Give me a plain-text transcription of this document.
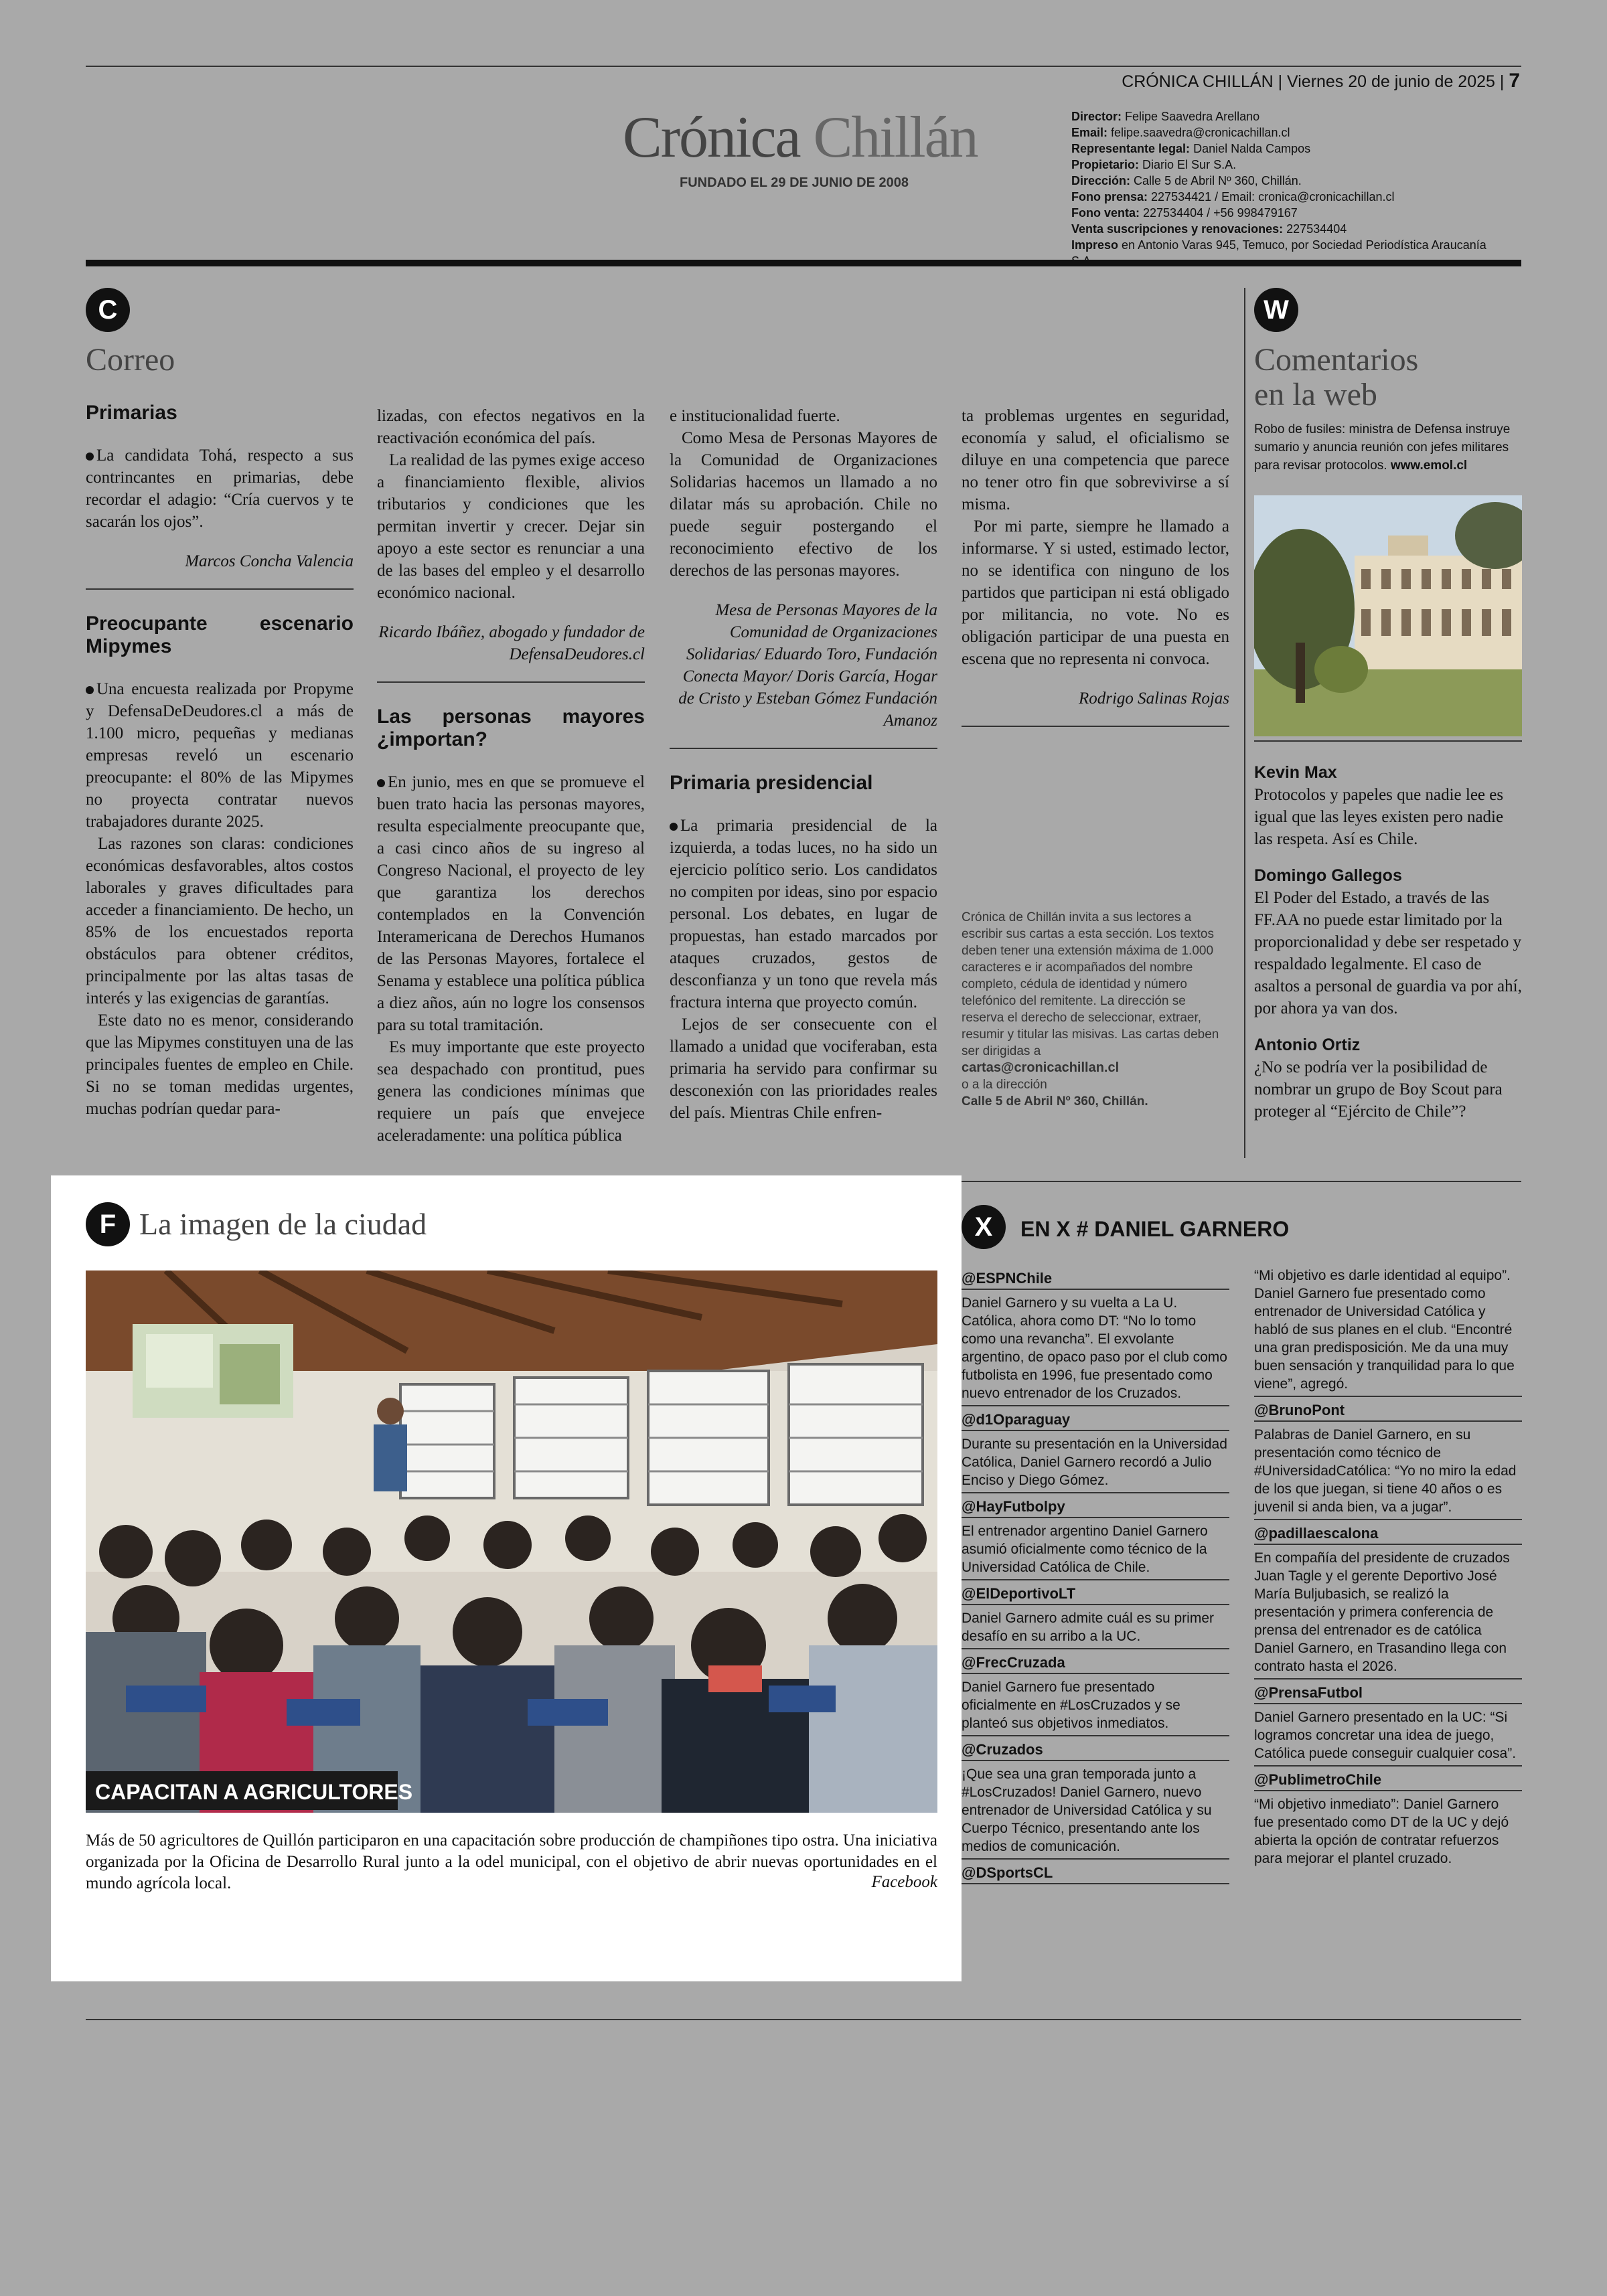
CRÓNICA CHILLÁN | Viernes 20 de junio de 2025 | 7
Crónica Chillán
FUNDADO EL 29 DE JUNIO DE 2008
Director: Felipe Saavedra Arellano
Email: felipe.saavedra@cronicachillan.cl
Representante legal: Daniel Nalda Campos
Propietario: Diario El Sur S.A.
Dirección: Calle 5 de Abril Nº 360, Chillán.
Fono prensa: 227534421 / Email: cronica@cronicachillan.cl
Fono venta: 227534404 / +56 998479167
Venta suscripciones y renovaciones: 227534404
Impreso en Antonio Varas 945, Temuco, por Sociedad Periodística Araucanía
C
Correo
Primarias

La candidata Tohá, respecto a sus contrincantes en primarias, debe recordar el adagio: “Cría cuervos y te sacarán los ojos”.

Marcos Concha Valencia
Preocupante escenario Mipymes

Una encuesta realizada por Propyme y DefensaDeDeudores.cl a más de 1.100 micro, pequeñas y medianas empresas reveló un escenario preocupante: el 80% de las Mipymes no proyecta contratar nuevos trabajadores durante 2025.

Las razones son claras: condiciones económicas desfavorables, altos costos laborales y graves dificultades para acceder a financiamiento. De hecho, un 85% de los encuestados reporta obstáculos para obtener créditos, principalmente por las altas tasas de interés y las exigencias de garantías.

Este dato no es menor, considerando que las Mipymes constituyen una de las principales fuentes de empleo en Chile. Si no se toman medidas urgentes, muchas podrían quedar para-

lizadas, con efectos negativos en la reactivación económica del país.

La realidad de las pymes exige acceso a financiamiento flexible, alivios tributarios y condiciones que les permitan invertir y crecer. Dejar sin apoyo a este sector es renunciar a una de las bases del empleo y el desarrollo económico nacional.

Ricardo Ibáñez, abogado y fundador de DefensaDeudores.cl
Las personas mayores ¿importan?

En junio, mes en que se promueve el buen trato hacia las personas mayores, resulta especialmente preocupante que, a casi cinco años de su ingreso al Congreso Nacional, el proyecto de ley que garantiza los derechos contemplados en la Convención Interamericana de Derechos Humanos de las Personas Mayores, fortalece el Senama y establece una política pública a diez años, aún no logre los consensos para su total tramitación.

Es muy importante que este proyecto sea despachado con prontitud, pues genera las condiciones mínimas que requiere un país que envejece aceleradamente: una política pública

e institucionalidad fuerte.

Como Mesa de Personas Mayores de la Comunidad de Organizaciones Solidarias hacemos un llamado a no dilatar más su aprobación. Chile no puede seguir postergando el reconocimiento efectivo de los derechos de las personas mayores.

Mesa de Personas Mayores de la Comunidad de Organizaciones Solidarias/ Eduardo Toro, Fundación Conecta Mayor/ Doris García, Hogar de Cristo y Esteban Gómez Fundación Amanoz
Primaria presidencial

La primaria presidencial de la izquierda, a todas luces, no ha sido un ejercicio político serio. Los candidatos no compiten por ideas, sino por espacio personal. Los debates, en lugar de propuestas, han estado marcados por ataques cruzados, gestos de desconfianza y un tono que revela más fractura interna que proyecto común.

Lejos de ser consecuente con el llamado a unidad que vociferaban, esta primaria ha servido para confirmar su desconexión con las prioridades reales del país. Mientras Chile enfren-

ta problemas urgentes en seguridad, economía y salud, el oficialismo se diluye en una competencia que parece no tener otro fin que sobrevivirse a sí misma.

Por mi parte, siempre he llamado a informarse. Y si usted, estimado lector, no se identifica con ninguno de los partidos que participan ni está obligado por militancia, no vote. No es obligación participar de una puesta en escena que no representa ni convoca.

Rodrigo Salinas Rojas
Crónica de Chillán invita a sus lectores a escribir sus cartas a esta sección. Los textos deben tener una extensión máxima de 1.000 caracteres e ir acompañados del nombre completo, cédula de identidad y número telefónico del remitente. La dirección se reserva el derecho de seleccionar, extraer, resumir y titular las misivas. Las cartas deben ser dirigidas a
cartas@cronicachillan.cl
o a la dirección
Calle 5 de Abril Nº 360, Chillán.
W
Comentarios
en la web
Robo de fusiles: ministra de Defensa instruye sumario y anuncia reunión con jefes militares para revisar protocolos. www.emol.cl
Kevin Max
Protocolos y papeles que nadie lee es igual que las leyes existen pero nadie las respeta. Así es Chile.
Domingo Gallegos
El Poder del Estado, a través de las FF.AA no puede estar limitado por la proporcionalidad y debe ser respetado y respaldado legalmente. El caso de asaltos a personal de guardia va por ahí, por ahora ya van dos.
Antonio Ortiz
¿No se podría ver la posibilidad de nombrar un grupo de Boy Scout para proteger al “Ejército de Chile”?
F La imagen de la ciudad
CAPACITAN A AGRICULTORES
Más de 50 agricultores de Quillón participaron en una capacitación sobre producción de champiñones tipo ostra. Una iniciativa organizada por la Oficina de Desarrollo Rural junto a la odel municipal, con el objetivo de abrir nuevas oportunidades en el mundo agrícola local.	Facebook
X	EN X # DANIEL GARNERO
@ESPNChile
Daniel Garnero y su vuelta a La U. Católica, ahora como DT: “No lo tomo como una revancha”. El exvolante argentino, de opaco paso por el club como futbolista en 1996, fue presentado como nuevo entrenador de los Cruzados.
@d1Oparaguay
Durante su presentación en la Universidad Católica, Daniel Garnero recordó a Julio Enciso y Diego Gómez.
@HayFutbolpy
El entrenador argentino Daniel Garnero asumió oficialmente como técnico de la Universidad Católica de Chile.
@ElDeportivoLT
Daniel Garnero admite cuál es su primer desafío en su arribo a la UC.
@FrecCruzada
Daniel Garnero fue presentado oficialmente en #LosCruzados y se planteó sus objetivos inmediatos.
@Cruzados
¡Que sea una gran temporada junto a #LosCruzados! Daniel Garnero, nuevo entrenador de Universidad Católica y su Cuerpo Técnico, presentando ante los medios de comunicación.
@DSportsCL
“Mi objetivo es darle identidad al equipo”. Daniel Garnero fue presentado como entrenador de Universidad Católica y habló de sus planes en el club. “Encontré una gran predisposición. Me da una muy buen sensación y tranquilidad para lo que viene”, agregó.
@BrunoPont
Palabras de Daniel Garnero, en su presentación como técnico de #UniversidadCatólica: “Yo no miro la edad de los que juegan, si tiene 40 años o es juvenil si anda bien, va a jugar”.
@padillaescalona
En compañía del presidente de cruzados Juan Tagle y el gerente Deportivo José María Buljubasich, se realizó la presentación y primera conferencia de prensa del entrenador es de católica Daniel Garnero, en Trasandino llega con contrato hasta el 2026.
@PrensaFutbol
Daniel Garnero presentado en la UC: “Si logramos concretar una idea de juego, Católica puede conseguir cualquier cosa”.
@PublimetroChile
“Mi objetivo inmediato”: Daniel Garnero fue presentado como DT de la UC y dejó abierta la opción de contratar refuerzos para mejorar el plantel cruzado.
